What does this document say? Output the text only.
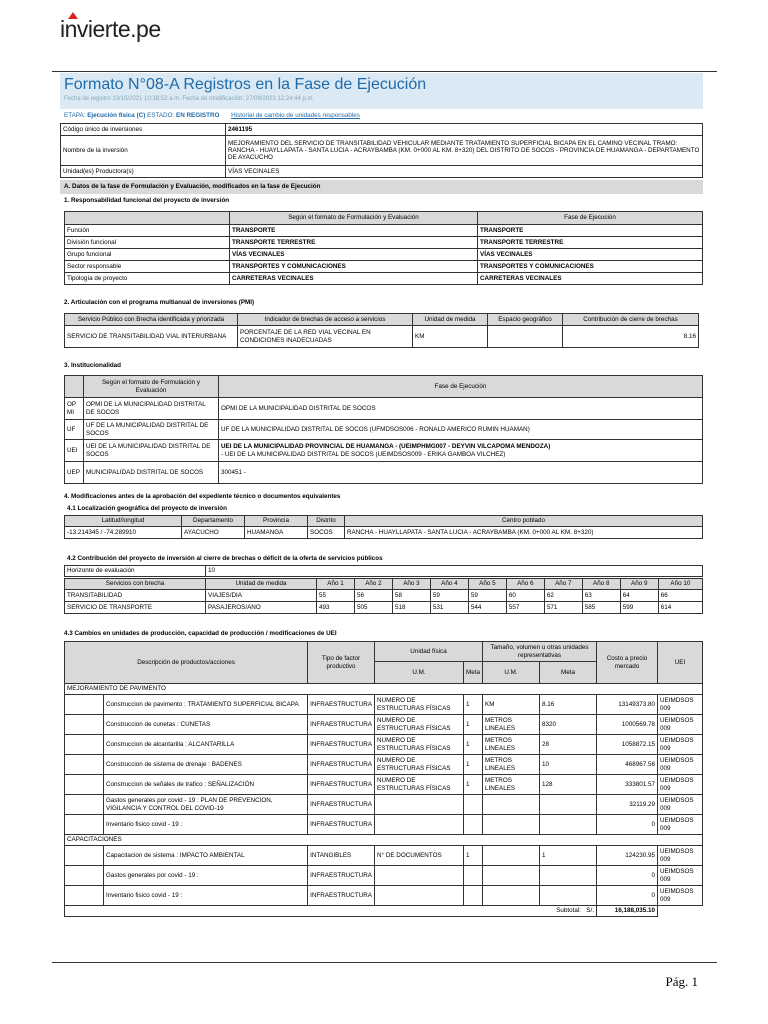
invierte.pe
Formato N°08-A Registros en la Fase de Ejecución
Fecha de registro 13/10/2021 10:38:52 a.m. Fecha de modificación: 27/09/2023 12:24:44 p.m.
ETAPA: Ejecución física (C) ESTADO: EN REGISTRO Historial de cambio de unidades responsables
Código único de inversiones	2461195
Nombre de la inversión	MEJORAMIENTO DEL SERVICIO DE TRANSITABILIDAD VEHICULAR MEDIANTE TRATAMIENTO SUPERFICIAL BICAPA EN EL CAMINO VECINAL TRAMO: RANCHA - HUAYLLAPATA - SANTA LUCIA - ACRAYBAMBA (KM. 0+000 AL KM. 8+320) DEL DISTRITO DE SOCOS - PROVINCIA DE HUAMANGA - DEPARTAMENTO DE AYACUCHO
Unidad(es) Productora(s)	VÍAS VECINALES
A. Datos de la fase de Formulación y Evaluación, modificados en la fase de Ejecución
1. Responsabilidad funcional del proyecto de inversión
	Según el formato de Formulación y Evaluación	Fase de Ejecución
Función	TRANSPORTE	TRANSPORTE
División funcional	TRANSPORTE TERRESTRE	TRANSPORTE TERRESTRE
Grupo funcional	VÍAS VECINALES	VÍAS VECINALES
Sector responsable	TRANSPORTES Y COMUNICACIONES	TRANSPORTES Y COMUNICACIONES
Tipología de proyecto	CARRETERAS VECINALES	CARRETERAS VECINALES
2. Articulación con el programa multianual de inversiones (PMI)
Servicio Público con Brecha identificada y priorizada	Indicador de brechas de acceso a servicios	Unidad de medida	Espacio geográfico	Contribución de cierre de brechas
SERVICIO DE TRANSITABILIDAD VIAL INTERURBANA	PORCENTAJE DE LA RED VIAL VECINAL EN CONDICIONES INADECUADAS	KM		8.16
3. Institucionalidad
	Según el formato de Formulación y Evaluación	Fase de Ejecución
OPMI	OPMI DE LA MUNICIPALIDAD DISTRITAL DE SOCOS	OPMI DE LA MUNICIPALIDAD DISTRITAL DE SOCOS
UF	UF DE LA MUNICIPALIDAD DISTRITAL DE SOCOS	UF DE LA MUNICIPALIDAD DISTRITAL DE SOCOS (UFMDSOS006 - RONALD AMERICO RUMIN HUAMAN)
UEI	UEI DE LA MUNICIPALIDAD DISTRITAL DE SOCOS	UEI DE LA MUNICIPALIDAD PROVINCIAL DE HUAMANGA - (UEIMPHMG007 - DEYVIN VILCAPOMA MENDOZA)
- UEI DE LA MUNICIPALIDAD DISTRITAL DE SOCOS (UEIMDSOS009 - ERIKA GAMBOA VILCHEZ)

UEP	MUNICIPALIDAD DISTRITAL DE SOCOS	300451 -
4. Modificaciones antes de la aprobación del expediente técnico o documentos equivalentes
4.1 Localización geográfica del proyecto de inversión
Latitud/longitud	Departamento	Provincia	Distrito	Centro poblado
-13.214345 / -74.289910	AYACUCHO	HUAMANGA	SOCOS	RANCHA - HUAYLLAPATA - SANTA LUCIA - ACRAYBAMBA (KM. 0+000 AL KM. 8+320)
4.2 Contribución del proyecto de inversión al cierre de brechas o déficit de la oferta de servicios públicos
Horizonte de evaluación	10
Servicios con brecha	Unidad de medida	Año 1	Año 2	Año 3	Año 4	Año 5	Año 6	Año 7	Año 8	Año 9	Año 10
TRANSITABILIDAD	VIAJES/DIA	55	56	58	59	59	60	62	63	64	66
SERVICIO DE TRANSPORTE	PASAJEROS/ANO	493	505	518	531	544	557	571	585	599	614
4.3 Cambios en unidades de producción, capacidad de producción / modificaciones de UEI
Descripción de productos/acciones		Tipo de factor productivo	Unidad física		Tamaño, volumen u otras unidades representativas		Costo a precio mercado	UEI
			U.M.	Meta	U.M.	Meta		
MEJORAMIENTO DE PAVIMENTO								
	Construccion de pavimento : TRATAMIENTO SUPERFICIAL BICAPA	INFRAESTRUCTURA	NUMERO DE ESTRUCTURAS FÍSICAS	1	KM	8.16	13149373.80	UEIMDSOS 009
	Construccion de cunetas : CUNETAS	INFRAESTRUCTURA	NUMERO DE ESTRUCTURAS FÍSICAS	1	METROS LINEALES	8320	1000569.78	UEIMDSOS 009
	Construccion de alcantarilla : ALCANTARILLA	INFRAESTRUCTURA	NUMERO DE ESTRUCTURAS FÍSICAS	1	METROS LINEALES	28	1058872.15	UEIMDSOS 009
	Construccion de sistema de drenaje : BADENES	INFRAESTRUCTURA	NUMERO DE ESTRUCTURAS FÍSICAS	1	METROS LINEALES	10	468967.56	UEIMDSOS 009
	Construccion de señales de trafico : SEÑALIZACIÓN	INFRAESTRUCTURA	NUMERO DE ESTRUCTURAS FÍSICAS	1	METROS LINEALES	128	333801.57	UEIMDSOS 009
	Gastos generales por covid - 19 : PLAN DE PREVENCION, VIGILANCIA Y CONTROL DEL COVID-19	INFRAESTRUCTURA					32119.29	UEIMDSOS 009
	Inventario fisico covid - 19 :	INFRAESTRUCTURA					0	UEIMDSOS 009
CAPACITACIONES								
	Capacitacion de sistema : IMPACTO AMBIENTAL	INTANGIBLES	N° DE DOCUMENTOS	1		1	124230.95	UEIMDSOS 009
	Gastos generales por covid - 19 :	INFRAESTRUCTURA					0	UEIMDSOS 009
	Inventario fisico covid - 19 :	INFRAESTRUCTURA					0	UEIMDSOS 009
Subtotal: S/.							16,188,035.10	
Pág. 1
